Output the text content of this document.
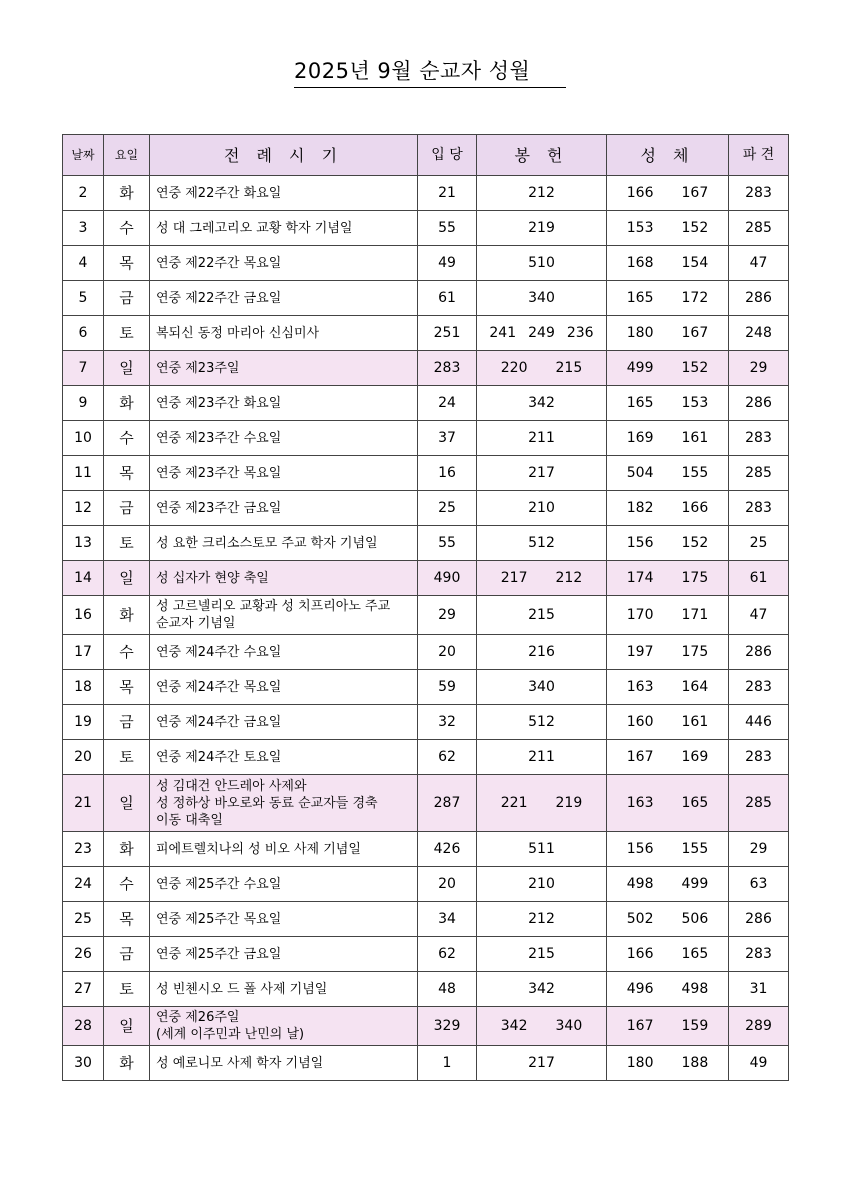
2025년 9월 순교자 성월
날짜	요일	전 례 시 기	입 당	봉 헌	성 체	파 견
2	화	연중 제22주간 화요일	21	212	166 167	283
3	수	성 대 그레고리오 교황 학자 기념일	55	219	153 152	285
4	목	연중 제22주간 목요일	49	510	168 154	47
5	금	연중 제22주간 금요일	61	340	165 172	286
6	토	복되신 동정 마리아 신심미사	251	241 249 236	180 167	248
7	일	연중 제23주일	283	220 215	499 152	29
9	화	연중 제23주간 화요일	24	342	165 153	286
10	수	연중 제23주간 수요일	37	211	169 161	283
11	목	연중 제23주간 목요일	16	217	504 155	285
12	금	연중 제23주간 금요일	25	210	182 166	283
13	토	성 요한 크리소스토모 주교 학자 기념일	55	512	156 152	25
14	일	성 십자가 현양 축일	490	217 212	174 175	61
16	화	성 고르넬리오 교황과 성 치프리아노 주교
순교자 기념일	29	215	170 171	47
17	수	연중 제24주간 수요일	20	216	197 175	286
18	목	연중 제24주간 목요일	59	340	163 164	283
19	금	연중 제24주간 금요일	32	512	160 161	446
20	토	연중 제24주간 토요일	62	211	167 169	283
21	일	성 김대건 안드레아 사제와
성 정하상 바오로와 동료 순교자들 경축
이동 대축일	287	221 219	163 165	285
23	화	피에트렐치나의 성 비오 사제 기념일	426	511	156 155	29
24	수	연중 제25주간 수요일	20	210	498 499	63
25	목	연중 제25주간 목요일	34	212	502 506	286
26	금	연중 제25주간 금요일	62	215	166 165	283
27	토	성 빈첸시오 드 폴 사제 기념일	48	342	496 498	31
28	일	연중 제26주일
(세계 이주민과 난민의 날)	329	342 340	167 159	289
30	화	성 예로니모 사제 학자 기념일	1	217	180 188	49
